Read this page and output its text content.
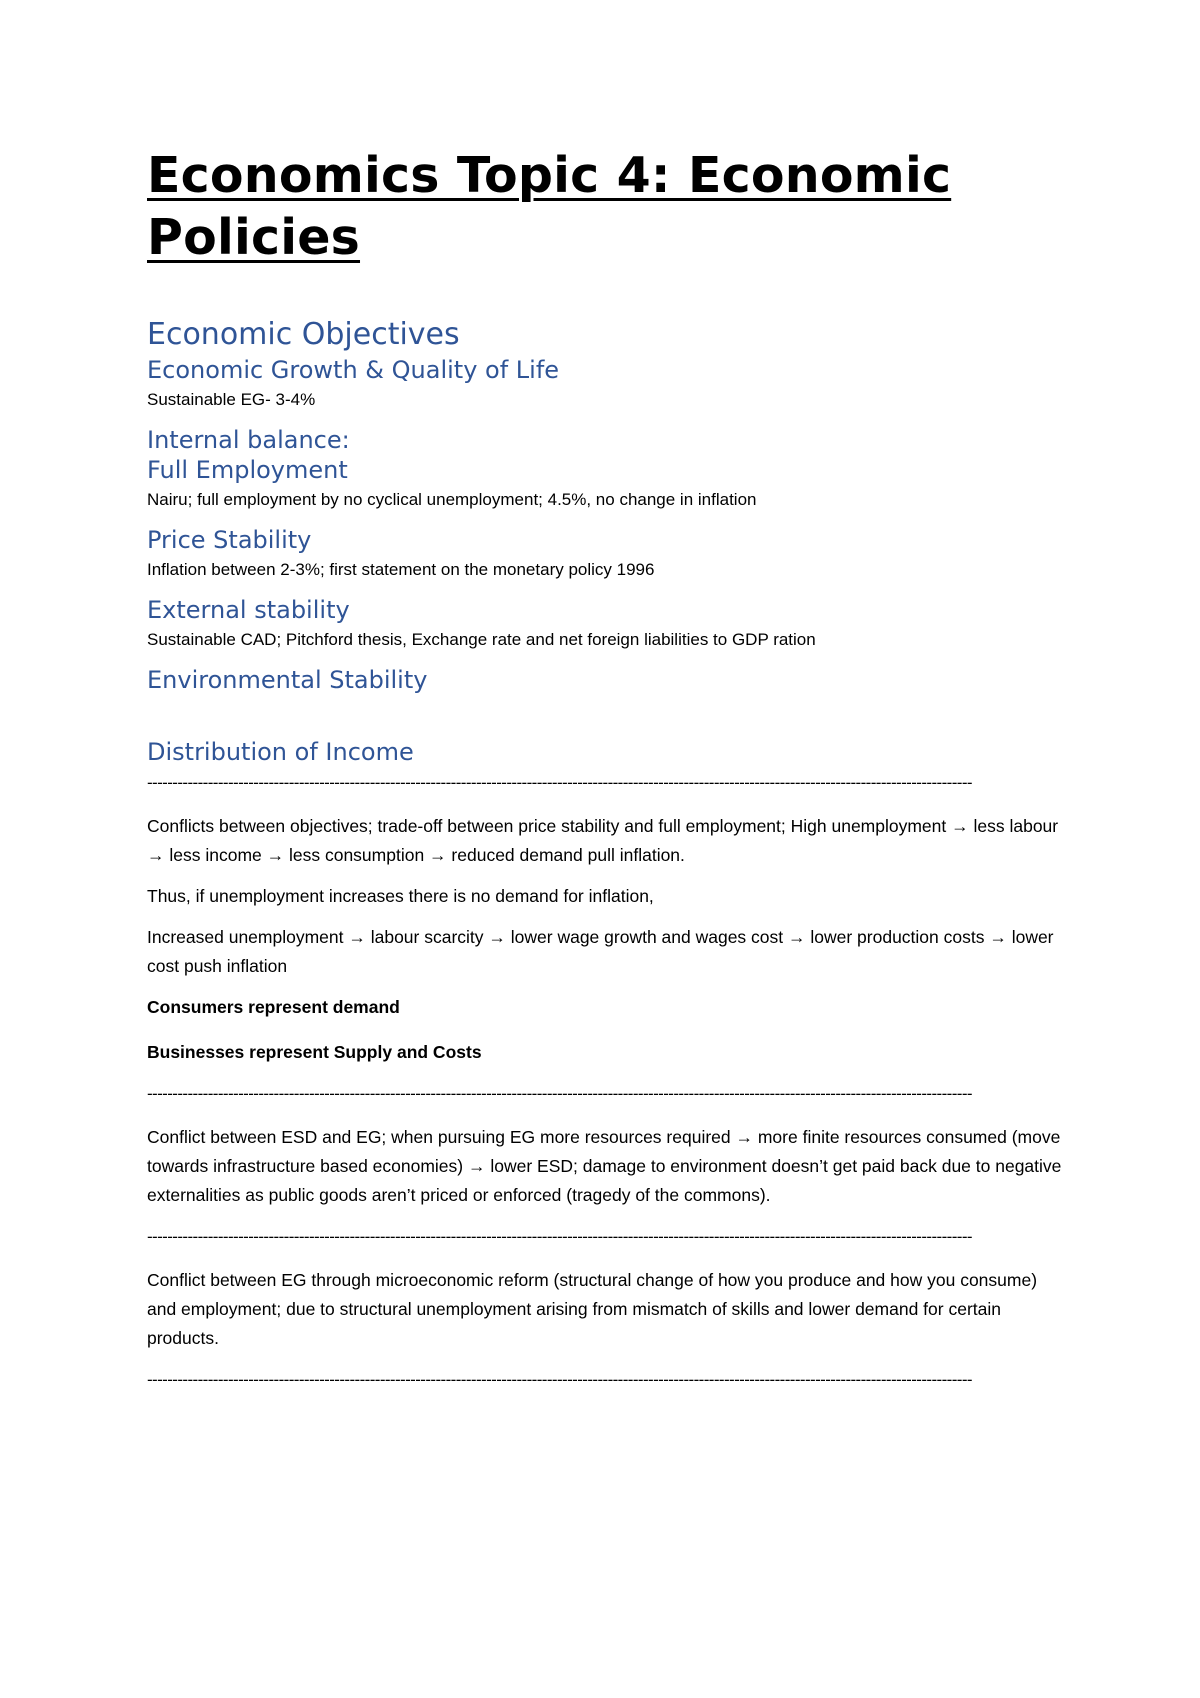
Economics Topic 4: Economic Policies
Economic Objectives
Economic Growth & Quality of Life

Sustainable EG- 3-4%

Internal balance:
Full Employment

Nairu; full employment by no cyclical unemployment; 4.5%, no change in inflation

Price Stability

Inflation between 2-3%; first statement on the monetary policy 1996

External stability

Sustainable CAD; Pitchford thesis, Exchange rate and net foreign liabilities to GDP ration

Environmental Stability
Distribution of Income

-------------------------------------------------------------------------------------------------------------------------------------------------------------------

Conflicts between objectives; trade-off between price stability and full employment; High unemployment → less labour → less income → less consumption → reduced demand pull inflation.

Thus, if unemployment increases there is no demand for inflation,

Increased unemployment → labour scarcity → lower wage growth and wages cost → lower production costs → lower cost push inflation

Consumers represent demand

Businesses represent Supply and Costs

-------------------------------------------------------------------------------------------------------------------------------------------------------------------

Conflict between ESD and EG; when pursuing EG more resources required → more finite resources consumed (move towards infrastructure based economies) → lower ESD; damage to environment doesn’t get paid back due to negative externalities as public goods aren’t priced or enforced (tragedy of the commons).

-------------------------------------------------------------------------------------------------------------------------------------------------------------------

Conflict between EG through microeconomic reform (structural change of how you produce and how you consume) and employment; due to structural unemployment arising from mismatch of skills and lower demand for certain products.

-------------------------------------------------------------------------------------------------------------------------------------------------------------------
